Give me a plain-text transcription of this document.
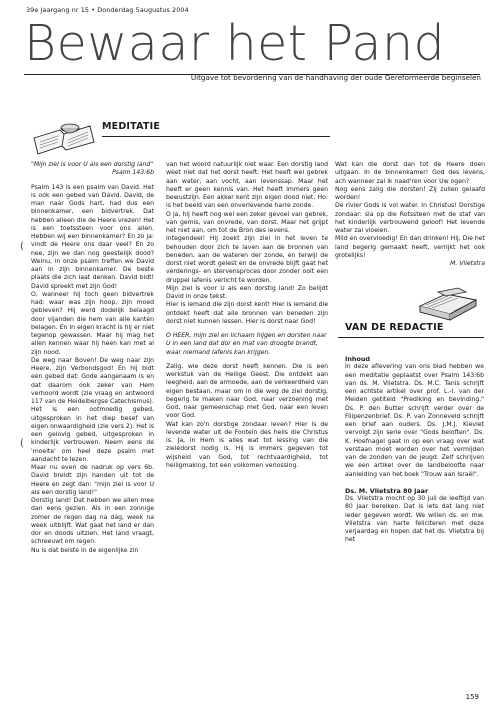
39e Jaargang nr 15 • Donderdag 5augustus 2004
Bewaar het Pand
Uitgave tot bevordering van de handhaving der oude Gereformeerde beginselen
MEDITATIE

"Mijn ziel is voor U als een dorstig land"

Psalm 143:6b

Psalm 143 is een psalm van David. Het is ook een gebed van David. David, de man naar Gods hart, had dus een binnenkamer, een bidvertrek. Dat hebben alleen die de Heere vrezen! Het is een toetssteen voor ons allen. Hebben wij een binnenkamer? En zo ja: vindt de Heere ons daar veel? En zo nee, zijn we dan nog geestelijk dood? Welnu, in onze psalm treffen we David aan in zijn binnenkamer. De beste plaats die zich laat denken. David bidt! David spreekt met zijn God!

O, wanneer hij toch geen bidvertrek had: waar was zijn hoop, zijn moed gebleven? Hij werd dodelijk belaagd door vijanden die hem van alle kanten belagen. En in eigen kracht is hij er niet tegenop gewassen. Maar hij mag het allen kennen waar hij heen kan met al zijn nood.

De weg naar Boven! De weg naar zijn Heere, zijn Verbondsgod! En hij bidt een gebed dat: Gode aangenaam is en dat daarom ook zeker van Hem verhoord wordt (zie vraag en antwoord 117 van de Heidelbergse Catechismus).

Het is een ootmoedig gebed, uitgesproken in het diep besef van eigen onwaardigheid (zie vers 2). Het is een gelovig gebed, uitgesproken in kinderlijk vertrouwen. Neem eens de 'moeite' om heel deze psalm met aandacht te lezen.

Maar nu even de nadruk op vers 6b. David breidt zijn handen uit tot de Heere en zegt dan: "mijn ziel is voor U als een dorstig land!"

Dorstig land! Dat hebben we allen mee dan eens gezien. Als in een zonnige zomer de regen dag na dag, week na week uitblijft. Wat gaat het land er dan dor en doods uitzien. Het land vraagt, schreeuwt om regen.

Nu is dat beiste in de eigenlijke zin

(
(

van het woord natuurlijk niet waar. Een dorstig land weet niet dat het dorst heeft. Het heeft wel gebrek aan water, aan vocht, aan levenssap. Maar het heeft er geen kennis van. Het heeft immers geen bewustzijn. Een akker kent zijn eigen dood niet. Ho: is het beeld van een onverlevende harre zonde.

O ja, hij heeft nog wel een zeker gevoel van gebrek, van gemis, van onvrede, van dorst. Maar het grijpt het niet aan, om tot de Bron des levens.

Integendeel! Hij zoekt zijn ziel in het leven te behouden door zich te laven aan de bronnen van beneden, aan de wateren der zonde, en terwijl de dorst niet wordt gelest en de onvrede blijft gaat het verderings- en stervensproces door zonder ooit een druppel lafenis verlicht te worden.

Mijn ziel is voor U als een dorstig land! Zo belijdt David in onze tekst.

Hier is iemand die zijn dorst kent! Hier is iemand die ontdekt heeft dat alle bronnen van beneden zijn dorst niet kunnen lessen. Hier is dorst naar God!

O HEER, mijn ziel en lichaam hijgen en dorsten naar U in een land dat dor en mat van droogte brandt, waar niemand lafenis kan krijgen.

Zalig, wie deze dorst heeft kennen. Die is een werkstuk van de Heilige Geest. Die ontdekt aan leegheid, aan de armoede, aan de verkeerdheid van eigen bestaan, maar om in die weg de ziel dorstig, begerig te maken naar God, naar verzoening met God, naar gemeenschap met God, naar een leven voor God.

Wat kan zo'n dorstige zondaar leven? Hier is de levende water uit de Fontein des heils die Christus is. Ja, in Hem is alles wat tot lessing van die zieledorst nodig is. Hij is immers gegeven tot wijsheid van God, tot rechtvaardigheid, tot heiligmaking, tot een volkomen verlossing.

Wat kan die dorst dan tot de Heere doen uitgaan. In de binnenkamer! God des levens, ach wanneer zal ik naad'ren voor Uw ogen?

Nog eens zalig die dorsten! Zij zullen gelaafd worden!

De rivier Gods is vol water. In Christus! Dorstige zondaar: sla op die Rotssteen met de staf van het kinderlijk vertrouwend geloof! Het levende water zal vloeien.

Mild en overvloedig! En dan drinken! Hij, Die het land begerig gemaakt heeft, verrijkt het ook grotelijks!

M. Vlietstra

VAN DE REDACTIE

Inhoud

In deze aflevering van ons blad hebben we een meditatie geplaatst over Psalm 143:6b van ds. M. Vlietstra. Ds. M.C. Tanis schrijft een achtste artikel over prof. L.-I. van der Meiden getiteld "Prediking en bevinding." Ds. P. den Butter schrijft verder over de Filipenzenbrief. Ds. P. van Zonneveld schrijft een brief aan ouders. Ds. J.M.J. Kieviet vervolgt zijn serie over "Gods beloften". Ds. K. Hoefnagel gaat in op een vraag over wat verstaan moet worden over het vermijden van de zonden van de jeugd. Zelf schrijven we een artikel over de landbeloofte naar aanleiding van het boek "Trouw aan Israël".

Ds. M. Vlietstra 80 jaar

Ds. Vlietstra mocht op 30 juli de leeftijd van 80 jaar bereiken. Dat is iets dat lang niet ieder gegeven wordt. We willen ds. en mw. Vlietstra van harte feliciteren met deze verjaardag en hopen dat het ds. Vlietstra bij het

159
